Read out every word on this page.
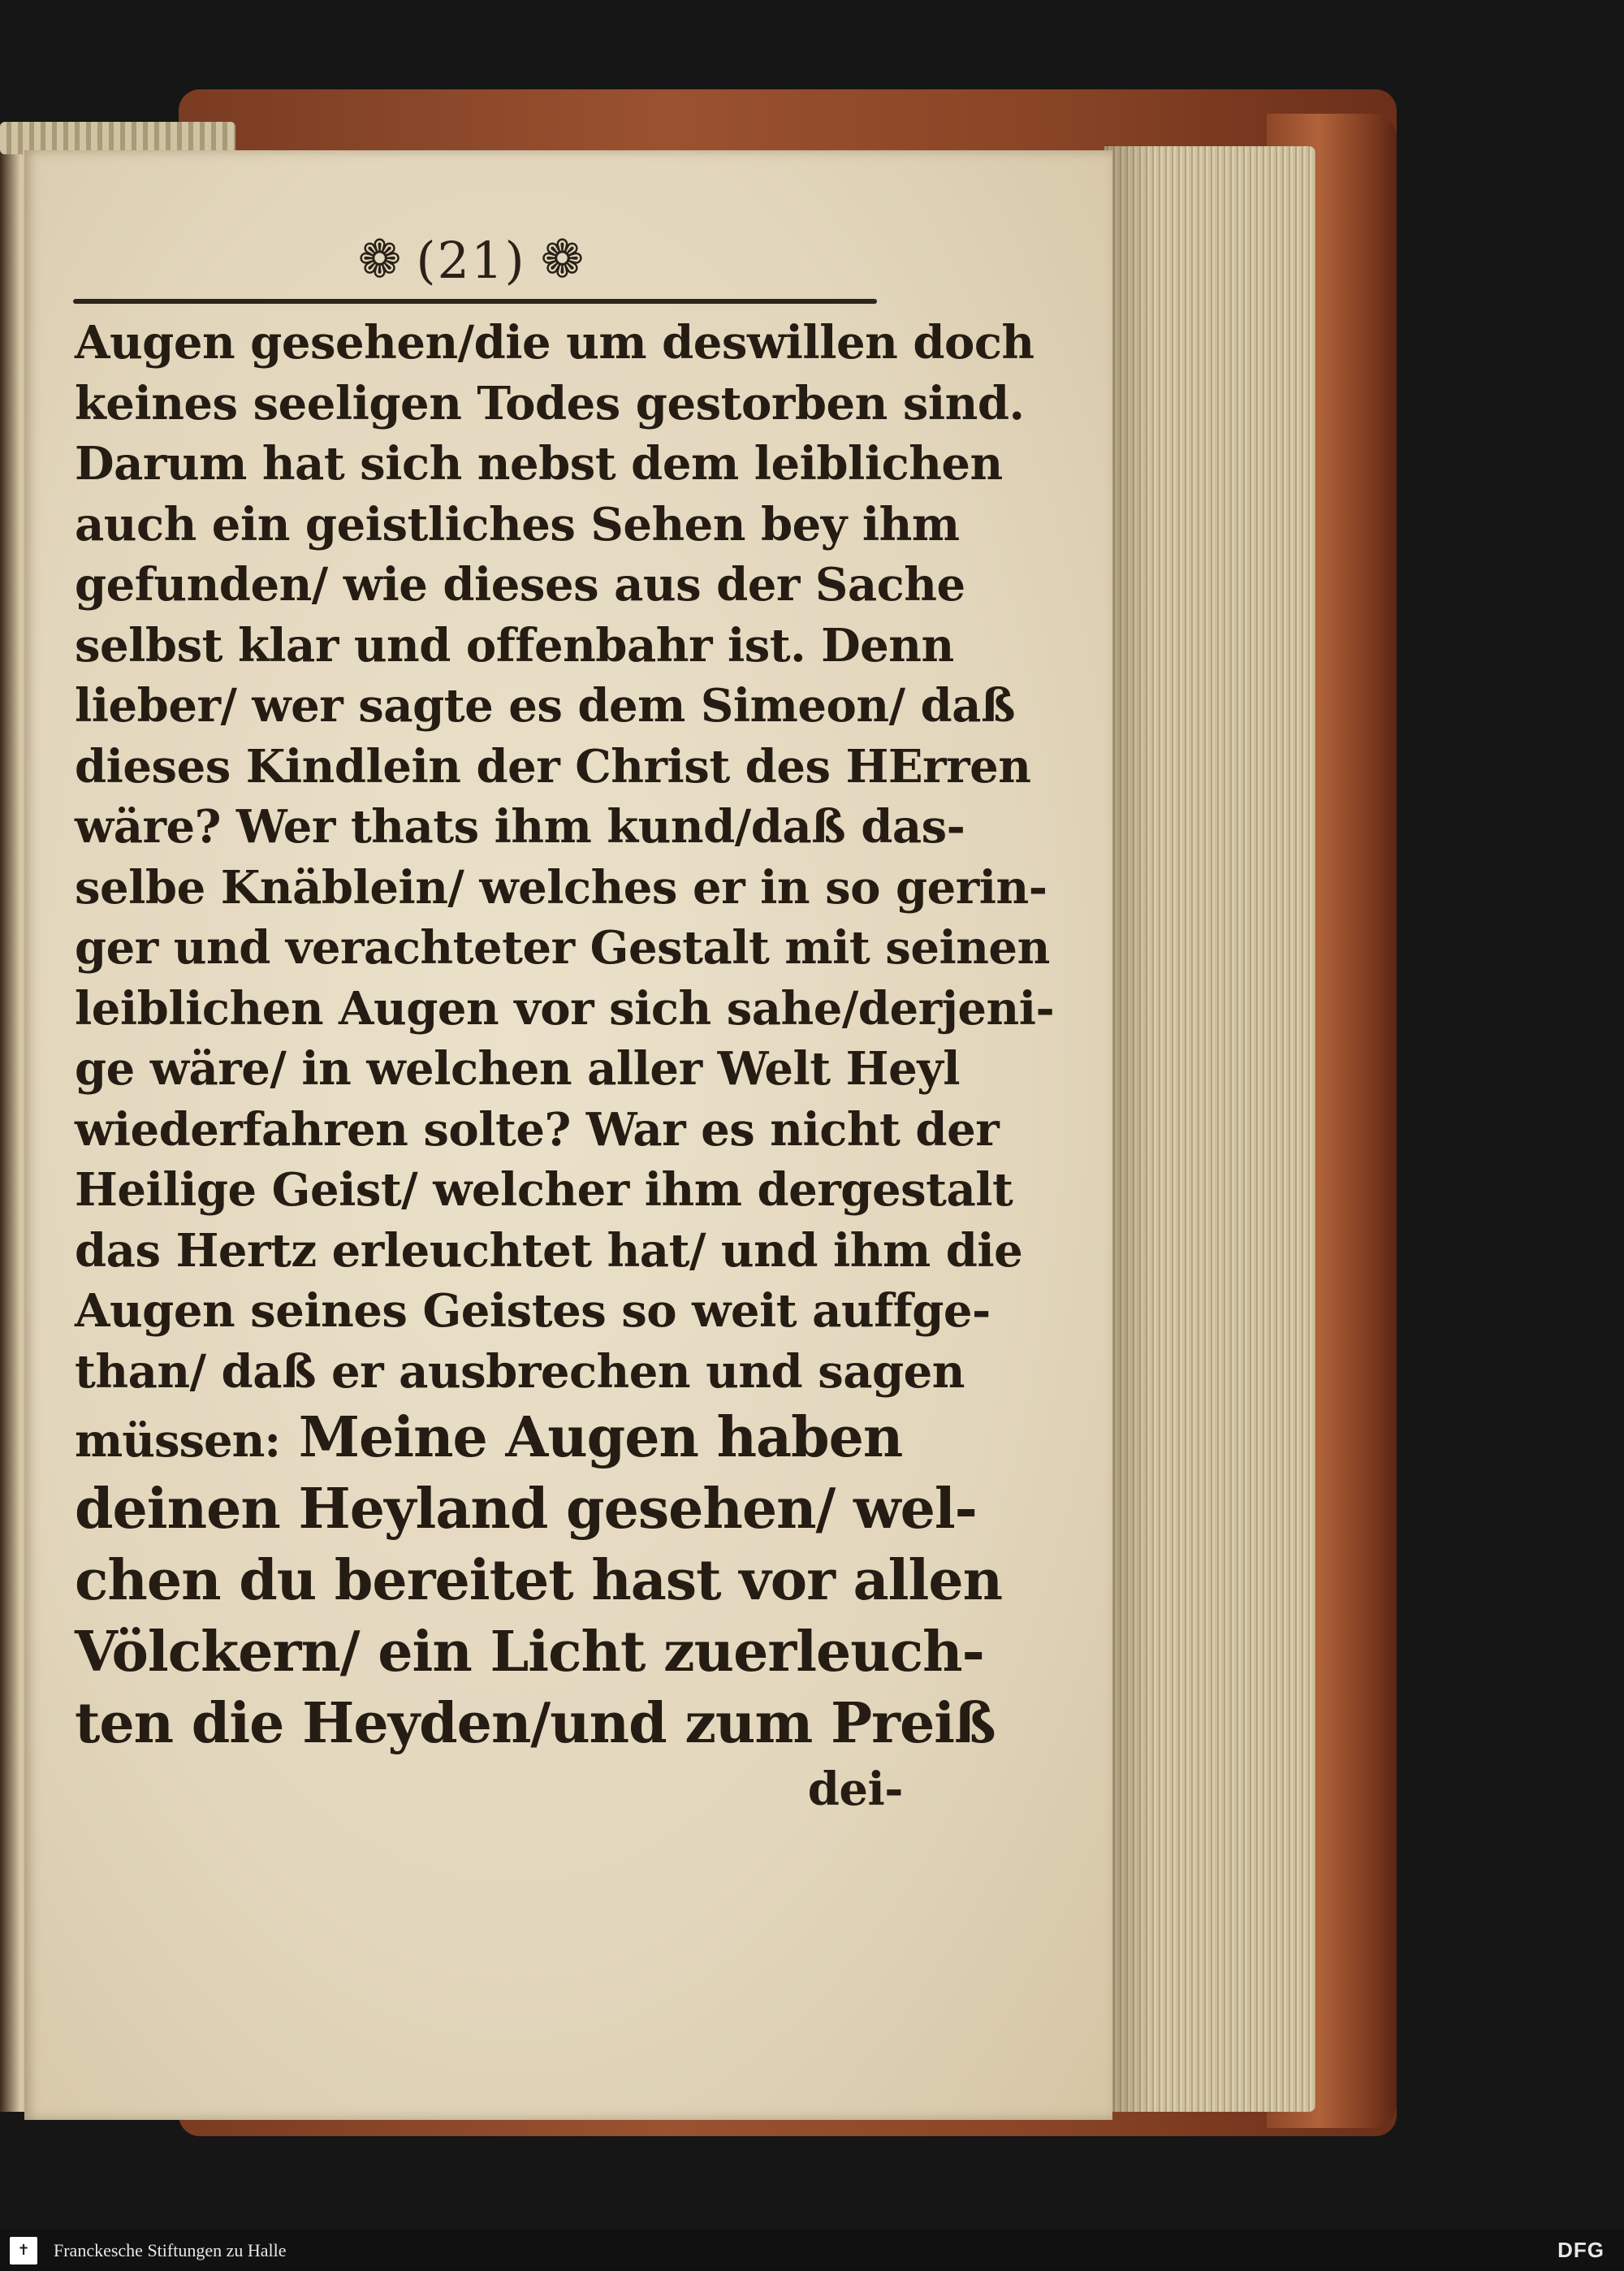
❁ (21) ❁
Augen gesehen/die um deswillen doch
keines seeligen Todes gestorben sind.
Darum hat sich nebst dem leiblichen
auch ein geistliches Sehen bey ihm
gefunden/ wie dieses aus der Sache
selbst klar und offenbahr ist. Denn
lieber/ wer sagte es dem Simeon/ daß
dieses Kindlein der Christ des HErren
wäre? Wer thats ihm kund/daß das-
selbe Knäblein/ welches er in so gerin-
ger und verachteter Gestalt mit seinen
leiblichen Augen vor sich sahe/derjeni-
ge wäre/ in welchen aller Welt Heyl
wiederfahren solte? War es nicht der
Heilige Geist/ welcher ihm dergestalt
das Hertz erleuchtet hat/ und ihm die
Augen seines Geistes so weit auffge-
than/ daß er ausbrechen und sagen
müssen: Meine Augen haben
deinen Heyland gesehen/ wel-
chen du bereitet hast vor allen
Völckern/ ein Licht zuerleuch-
ten die Heyden/und zum Preiß
dei-
✝	Franckesche Stiftungen zu Halle	DFG
